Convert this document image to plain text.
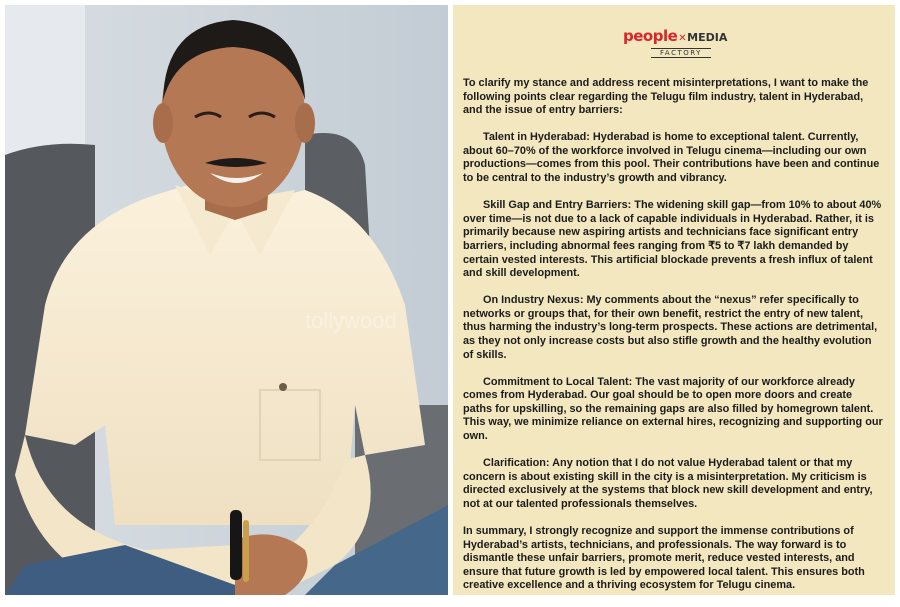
people✕MEDIA
FACTORY

To clarify my stance and address recent misinterpretations, I want to make the following points clear regarding the Telugu film industry, talent in Hyderabad, and the issue of entry barriers:

Talent in Hyderabad: Hyderabad is home to exceptional talent. Currently, about 60–70% of the workforce involved in Telugu cinema—including our own productions—comes from this pool. Their contributions have been and continue to be central to the industry’s growth and vibrancy.

Skill Gap and Entry Barriers: The widening skill gap—from 10% to about 40% over time—is not due to a lack of capable individuals in Hyderabad. Rather, it is primarily because new aspiring artists and technicians face significant entry barriers, including abnormal fees ranging from ₹5 to ₹7 lakh demanded by certain vested interests. This artificial blockade prevents a fresh influx of talent and skill development.

On Industry Nexus: My comments about the “nexus” refer specifically to networks or groups that, for their own benefit, restrict the entry of new talent, thus harming the industry’s long-term prospects. These actions are detrimental, as they not only increase costs but also stifle growth and the healthy evolution of skills.

Commitment to Local Talent: The vast majority of our workforce already comes from Hyderabad. Our goal should be to open more doors and create paths for upskilling, so the remaining gaps are also filled by homegrown talent. This way, we minimize reliance on external hires, recognizing and supporting our own.

Clarification: Any notion that I do not value Hyderabad talent or that my concern is about existing skill in the city is a misinterpretation. My criticism is directed exclusively at the systems that block new skill development and entry, not at our talented professionals themselves.

In summary, I strongly recognize and support the immense contributions of Hyderabad’s artists, technicians, and professionals. The way forward is to dismantle these unfair barriers, promote merit, reduce vested interests, and ensure that future growth is led by empowered local talent. This ensures both creative excellence and a thriving ecosystem for Telugu cinema.

tollywood
